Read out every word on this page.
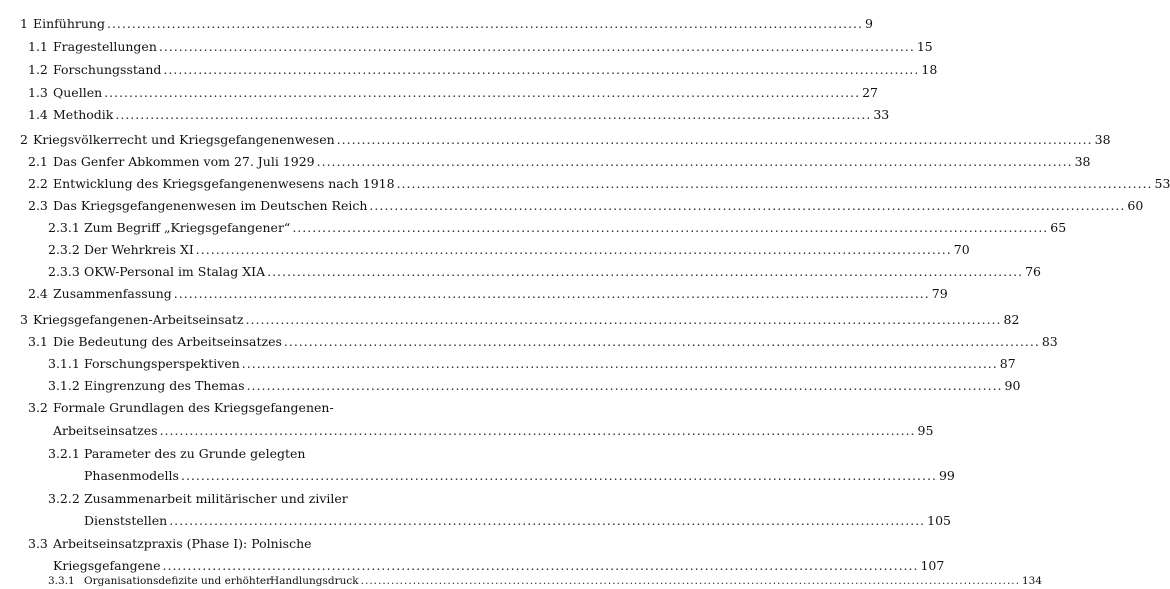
1 Einführung ........................................................................................................................................................ 9
1.1 Fragestellungen ........................................................................................................................................................ 15
1.2 Forschungsstand ........................................................................................................................................................ 18
1.3 Quellen ........................................................................................................................................................ 27
1.4 Methodik ........................................................................................................................................................ 33
2 Kriegsvölkerrecht und Kriegsgefangenenwesen ........................................................................................................................................................ 38
2.1 Das Genfer Abkommen vom 27. Juli 1929 ........................................................................................................................................................ 38
2.2 Entwicklung des Kriegsgefangenenwesens nach 1918 ........................................................................................................................................................ 53
2.3 Das Kriegsgefangenenwesen im Deutschen Reich ........................................................................................................................................................ 60
2.3.1 Zum Begriff „Kriegsgefangener“ ........................................................................................................................................................ 65
2.3.2 Der Wehrkreis XI ........................................................................................................................................................ 70
2.3.3 OKW-Personal im Stalag XIA ........................................................................................................................................................ 76
2.4 Zusammenfassung ........................................................................................................................................................ 79
3 Kriegsgefangenen-Arbeitseinsatz ........................................................................................................................................................ 82
3.1 Die Bedeutung des Arbeitseinsatzes ........................................................................................................................................................ 83
3.1.1 Forschungsperspektiven ........................................................................................................................................................ 87
3.1.2 Eingrenzung des Themas ........................................................................................................................................................ 90
3.2 Formale Grundlagen des Kriegsgefangenen-
Arbeitseinsatzes ........................................................................................................................................................ 95
3.2.1 Parameter des zu Grunde gelegten
Phasenmodells ........................................................................................................................................................ 99
3.2.2 Zusammenarbeit militärischer und ziviler
Dienststellen ........................................................................................................................................................ 105
3.3 Arbeitseinsatzpraxis (Phase I): Polnische
Kriegsgefangene ........................................................................................................................................................ 107
3.3.1 Organisationsdefizite und erhöhter
Handlungsdruck ........................................................................................................................................................ 134
